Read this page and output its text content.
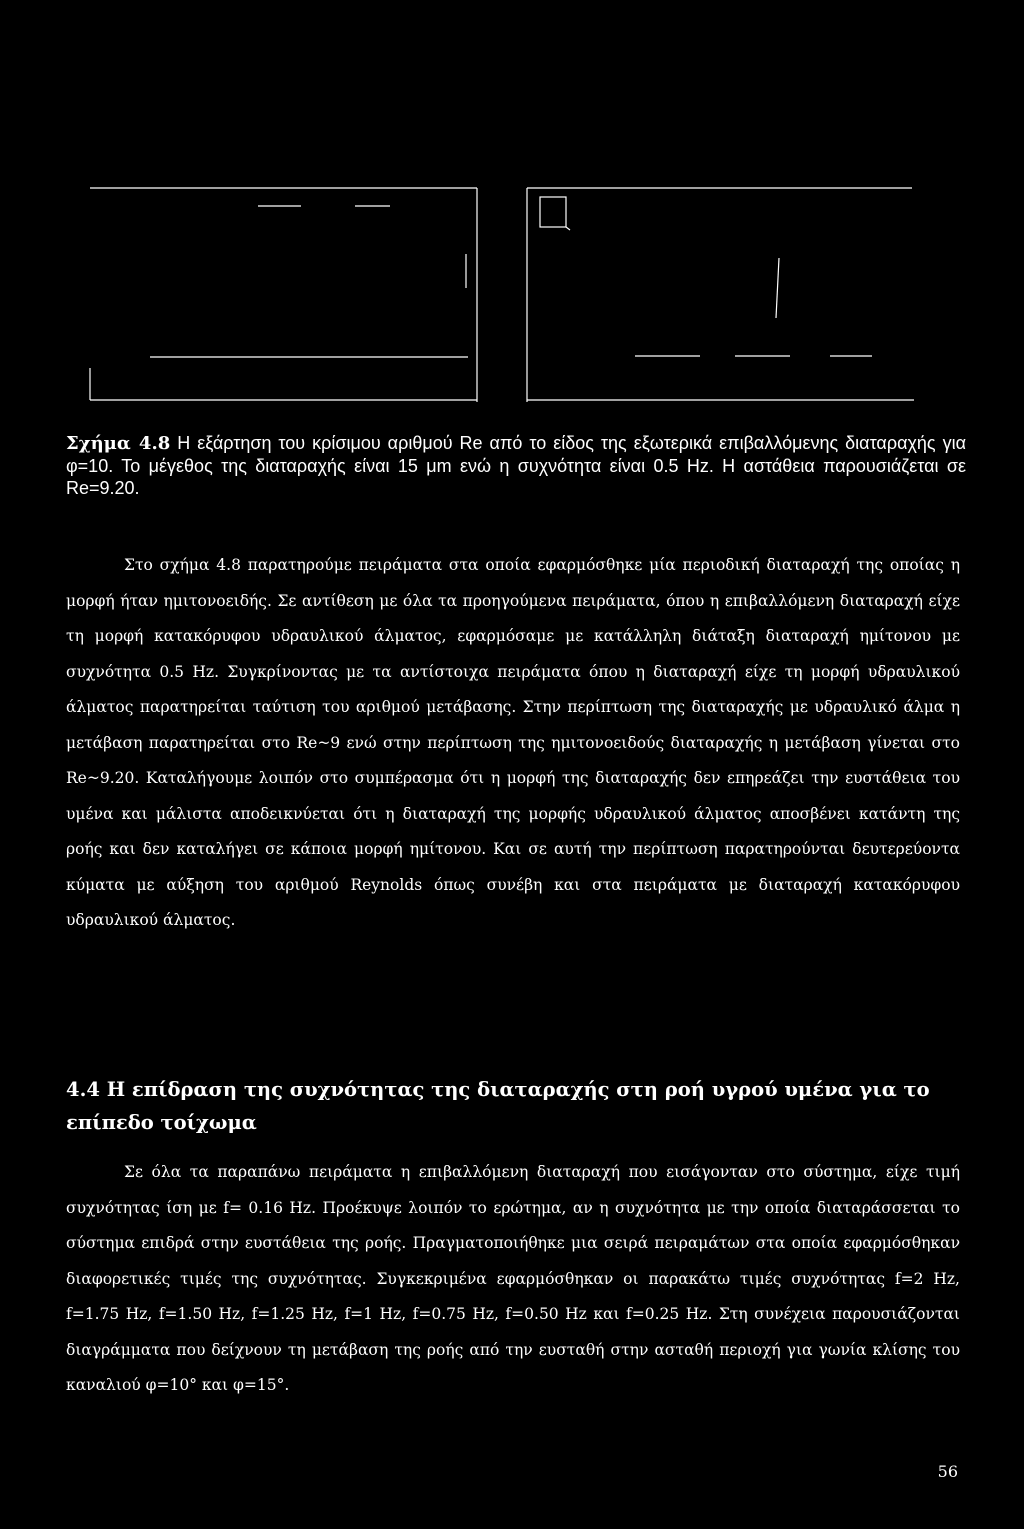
Σχήμα 4.8 Η εξάρτηση του κρίσιμου αριθμού Re από το είδος της εξωτερικά επιβαλλόμενης διαταραχής για φ=10. Το μέγεθος της διαταραχής είναι 15 μm ενώ η συχνότητα είναι 0.5 Hz. Η αστάθεια παρουσιάζεται σε Re=9.20.

Στο σχήμα 4.8 παρατηρούμε πειράματα στα οποία εφαρμόσθηκε μία περιοδική διαταραχή της οποίας η μορφή ήταν ημιτονοειδής. Σε αντίθεση με όλα τα προηγούμενα πειράματα, όπου η επιβαλλόμενη διαταραχή είχε τη μορφή κατακόρυφου υδραυλικού άλματος, εφαρμόσαμε με κατάλληλη διάταξη διαταραχή ημίτονου με συχνότητα 0.5 Hz. Συγκρίνοντας με τα αντίστοιχα πειράματα όπου η διαταραχή είχε τη μορφή υδραυλικού άλματος παρατηρείται ταύτιση του αριθμού μετάβασης. Στην περίπτωση της διαταραχής με υδραυλικό άλμα η μετάβαση παρατηρείται στο Re~9 ενώ στην περίπτωση της ημιτονοειδούς διαταραχής η μετάβαση γίνεται στο Re~9.20. Καταλήγουμε λοιπόν στο συμπέρασμα ότι η μορφή της διαταραχής δεν επηρεάζει την ευστάθεια του υμένα και μάλιστα αποδεικνύεται ότι η διαταραχή της μορφής υδραυλικού άλματος αποσβένει κατάντη της ροής και δεν καταλήγει σε κάποια μορφή ημίτονου. Και σε αυτή την περίπτωση παρατηρούνται δευτερεύοντα κύματα με αύξηση του αριθμού Reynolds όπως συνέβη και στα πειράματα με διαταραχή κατακόρυφου υδραυλικού άλματος.

4.4 Η επίδραση της συχνότητας της διαταραχής στη ροή υγρού υμένα για το επίπεδο τοίχωμα

Σε όλα τα παραπάνω πειράματα η επιβαλλόμενη διαταραχή που εισάγονταν στο σύστημα, είχε τιμή συχνότητας ίση με f= 0.16 Hz. Προέκυψε λοιπόν το ερώτημα, αν η συχνότητα με την οποία διαταράσσεται το σύστημα επιδρά στην ευστάθεια της ροής. Πραγματοποιήθηκε μια σειρά πειραμάτων στα οποία εφαρμόσθηκαν διαφορετικές τιμές της συχνότητας. Συγκεκριμένα εφαρμόσθηκαν οι παρακάτω τιμές συχνότητας f=2 Hz, f=1.75 Hz, f=1.50 Hz, f=1.25 Hz, f=1 Hz, f=0.75 Hz, f=0.50 Hz και f=0.25 Hz. Στη συνέχεια παρουσιάζονται διαγράμματα που δείχνουν τη μετάβαση της ροής από την ευσταθή στην ασταθή περιοχή για γωνία κλίσης του καναλιού φ=10° και φ=15°.

56
